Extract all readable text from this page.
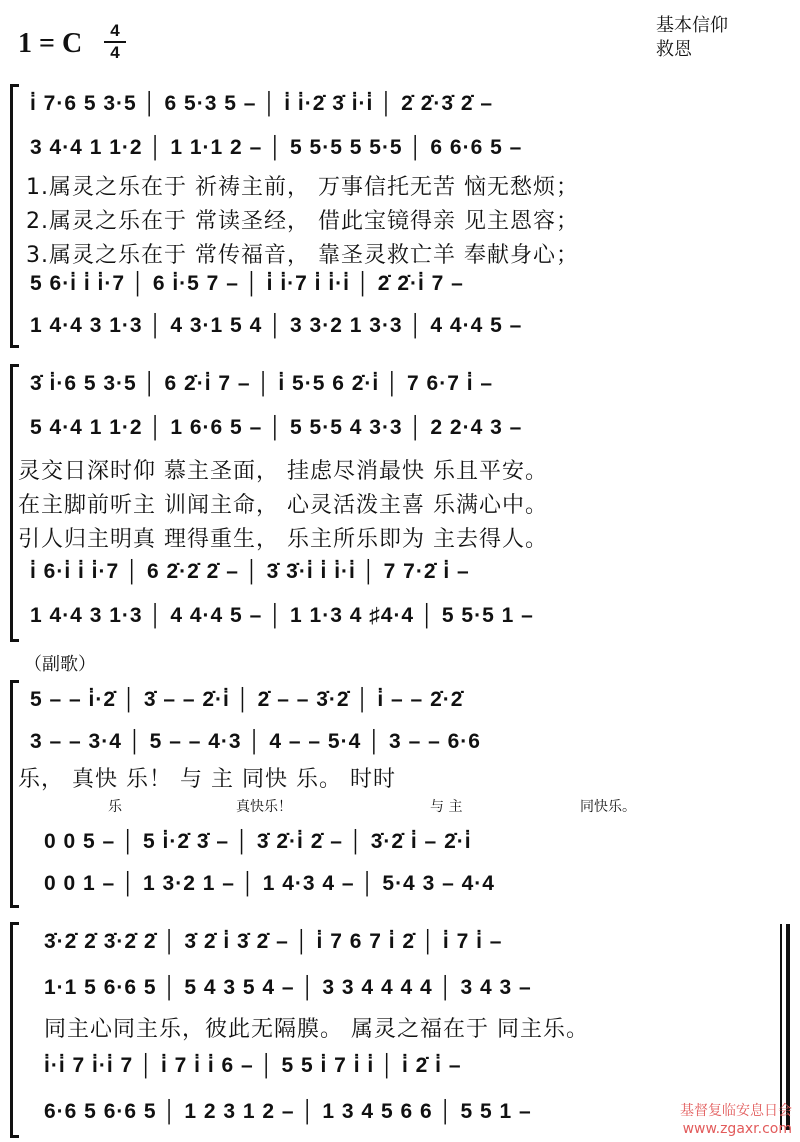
1 = C	4
4
基本信仰
救恩
i̇ 7·6 5 3·5 │ 6 5·3 5 – │ i̇ i̇·2̇ 3̇ i̇·i̇ │ 2̇ 2̇·3̇ 2̇ –
3 4·4 1 1·2 │ 1 1·1 2 – │ 5 5·5 5 5·5 │ 6 6·6 5 –
1.属灵之乐在于 祈祷主前， 万事信托无苦 恼无愁烦；
2.属灵之乐在于 常读圣经， 借此宝镜得亲 见主恩容；
3.属灵之乐在于 常传福音， 靠圣灵救亡羊 奉献身心；
5 6·i̇ i̇ i̇·7 │ 6 i̇·5 7 – │ i̇ i̇·7 i̇ i̇·i̇ │ 2̇ 2̇·i̇ 7 –
1 4·4 3 1·3 │ 4 3·1 5 4 │ 3 3·2 1 3·3 │ 4 4·4 5 –
3̇ i̇·6 5 3·5 │ 6 2̇·i̇ 7 – │ i̇ 5·5 6 2̇·i̇ │ 7 6·7 i̇ –
5 4·4 1 1·2 │ 1 6·6 5 – │ 5 5·5 4 3·3 │ 2 2·4 3 –
灵交日深时仰 慕主圣面， 挂虑尽消最快 乐且平安。
在主脚前听主 训闻主命， 心灵活泼主喜 乐满心中。
引人归主明真 理得重生， 乐主所乐即为 主去得人。
i̇ 6·i̇ i̇ i̇·7 │ 6 2̇·2̇ 2̇ – │ 3̇ 3̇·i̇ i̇ i̇·i̇ │ 7 7·2̇ i̇ –
1 4·4 3 1·3 │ 4 4·4 5 – │ 1 1·3 4 ♯4·4 │ 5 5·5 1 –
（副歌）
5 – – i̇·2̇ │ 3̇ – – 2̇·i̇ │ 2̇ – – 3̇·2̇ │ i̇ – – 2̇·2̇
3 – – 3·4 │ 5 – – 4·3 │ 4 – – 5·4 │ 3 – – 6·6
乐， 真快 乐！ 与 主 同快 乐。 时时
乐	真快乐！	与 主	同快乐。
0 0 5 – │ 5 i̇·2̇ 3̇ – │ 3̇ 2̇·i̇ 2̇ – │ 3̇·2̇ i̇ – 2̇·i̇
0 0 1 – │ 1 3·2 1 – │ 1 4·3 4 – │ 5·4 3 – 4·4
3̇·2̇ 2̇ 3̇·2̇ 2̇ │ 3̇ 2̇ i̇ 3̇ 2̇ – │ i̇ 7 6 7 i̇ 2̇ │ i̇ 7 i̇ –
1·1 5 6·6 5 │ 5 4 3 5 4 – │ 3 3 4 4 4 4 │ 3 4 3 –
同主心同主乐，彼此无隔膜。 属灵之福在于 同主乐。
i̇·i̇ 7 i̇·i̇ 7 │ i̇ 7 i̇ i̇ 6 – │ 5 5 i̇ 7 i̇ i̇ │ i̇ 2̇ i̇ –
6·6 5 6·6 5 │ 1 2 3 1 2 – │ 1 3 4 5 6 6 │ 5 5 1 –	基督复临安息日会
www.zgaxr.com
